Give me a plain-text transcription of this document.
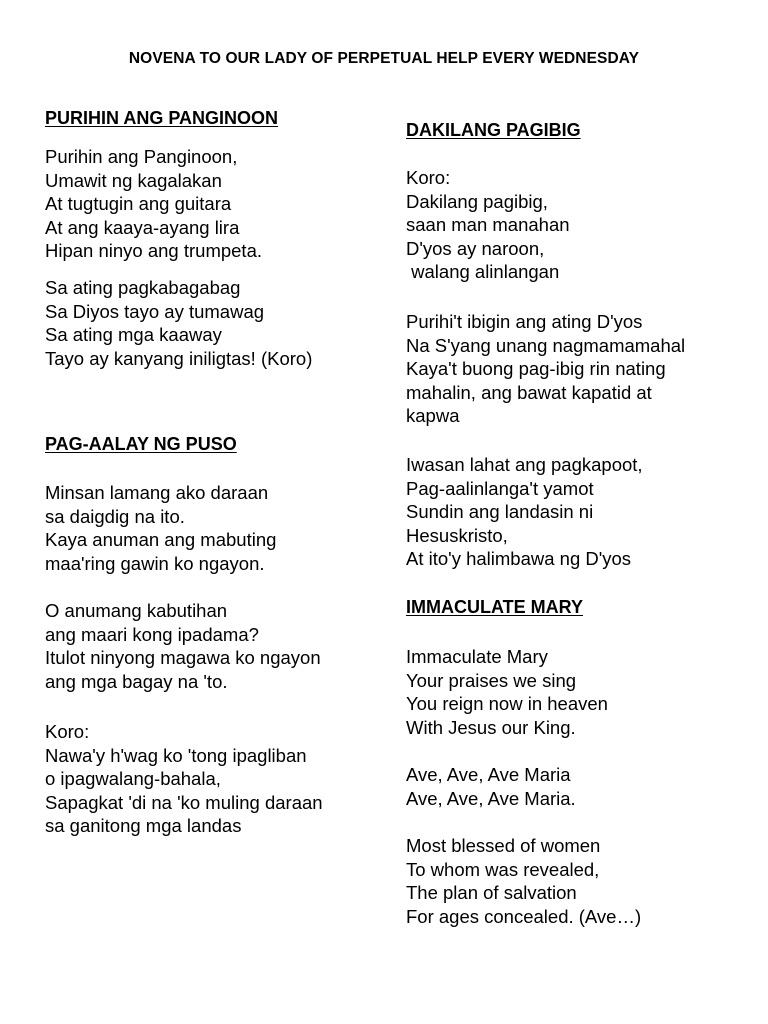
NOVENA TO OUR LADY OF PERPETUAL HELP EVERY WEDNESDAY
PURIHIN ANG PANGINOON
Purihin ang Panginoon,
Umawit ng kagalakan
At tugtugin ang guitara
At ang kaaya-ayang lira
Hipan ninyo ang trumpeta.
Sa ating pagkabagabag
Sa Diyos tayo ay tumawag
Sa ating mga kaaway
Tayo ay kanyang iniligtas! (Koro)
PAG-AALAY NG PUSO
Minsan lamang ako daraan
sa daigdig na ito.
Kaya anuman ang mabuting
maa'ring gawin ko ngayon.
O anumang kabutihan
ang maari kong ipadama?
Itulot ninyong magawa ko ngayon
ang mga bagay na 'to.
Koro:
Nawa'y h'wag ko 'tong ipagliban
o ipagwalang-bahala,
Sapagkat 'di na 'ko muling daraan
sa ganitong mga landas
DAKILANG PAGIBIG
Koro:
Dakilang pagibig,
saan man manahan
D'yos ay naroon,
walang alinlangan
Purihi't ibigin ang ating D'yos
Na S'yang unang nagmamamahal
Kaya't buong pag-ibig rin nating
mahalin, ang bawat kapatid at
kapwa
Iwasan lahat ang pagkapoot,
Pag-aalinlanga't yamot
Sundin ang landasin ni
Hesuskristo,
At ito'y halimbawa ng D'yos
IMMACULATE MARY
Immaculate Mary
Your praises we sing
You reign now in heaven
With Jesus our King.
Ave, Ave, Ave Maria
Ave, Ave, Ave Maria.
Most blessed of women
To whom was revealed,
The plan of salvation
For ages concealed. (Ave…)
